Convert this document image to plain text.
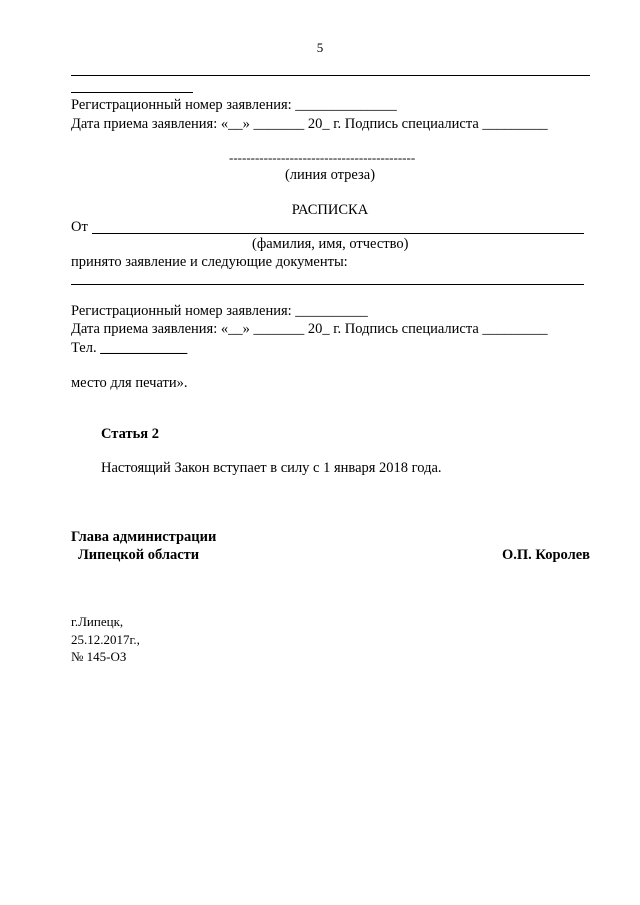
5
Регистрационный номер заявления: ______________
Дата приема заявления: «__» _______ 20_ г. Подпись специалиста _________
-------------------------------------------
(линия отреза)
РАСПИСКА
От
(фамилия, имя, отчество)
принято заявление и следующие документы:
Регистрационный номер заявления: __________
Дата приема заявления: «__» _______ 20_ г. Подпись специалиста _________
Тел. ____________
место для печати».
Статья 2
Настоящий Закон вступает в силу с 1 января 2018 года.
Глава администрации
Липецкой области	О.П. Королев
г.Липецк,
25.12.2017г.,
№ 145-ОЗ
